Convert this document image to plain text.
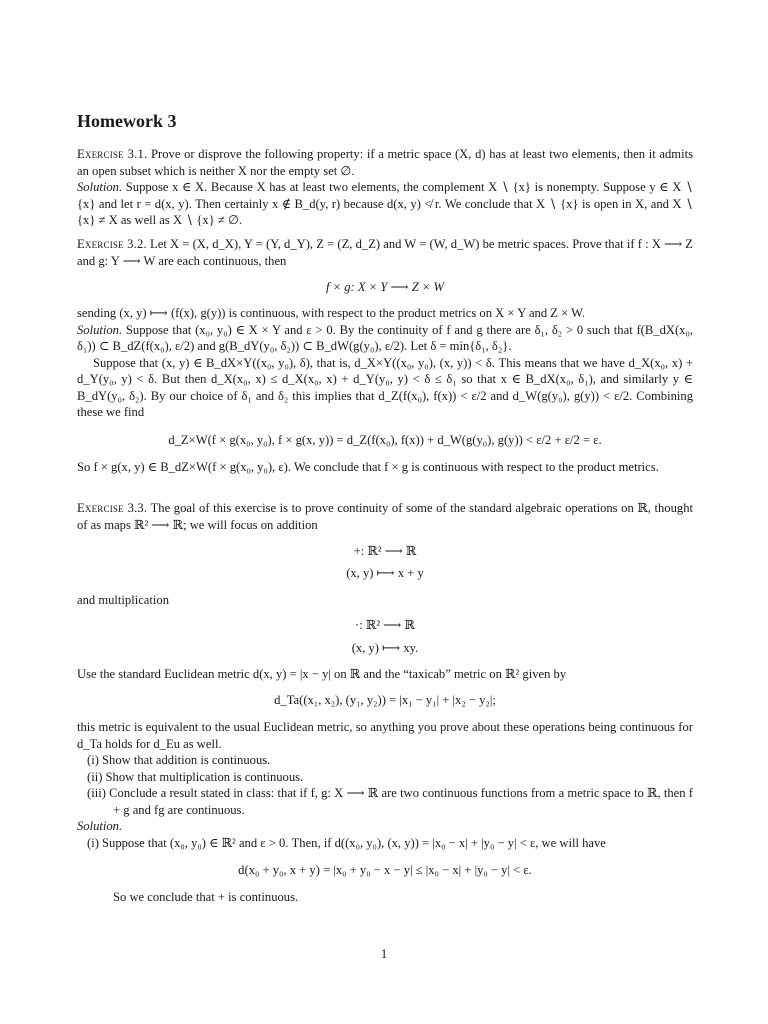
Homework 3
Exercise 3.1. Prove or disprove the following property: if a metric space (X, d) has at least two elements, then it admits an open subset which is neither X nor the empty set ∅.
Solution. Suppose x ∈ X. Because X has at least two elements, the complement X ∖ {x} is nonempty. Suppose y ∈ X ∖ {x} and let r = d(x, y). Then certainly x ∉ B_d(y, r) because d(x, y) ≮ r. We conclude that X ∖ {x} is open in X, and X ∖ {x} ≠ X as well as X ∖ {x} ≠ ∅.
Exercise 3.2. Let X = (X, d_X), Y = (Y, d_Y), Z = (Z, d_Z) and W = (W, d_W) be metric spaces. Prove that if f : X ⟶ Z and g: Y ⟶ W are each continuous, then
f × g: X × Y ⟶ Z × W
sending (x, y) ⟼ (f(x), g(y)) is continuous, with respect to the product metrics on X × Y and Z × W.
Solution. Suppose that (x₀, y₀) ∈ X × Y and ε > 0. By the continuity of f and g there are δ₁, δ₂ > 0 such that f(B_dX(x₀, δ₁)) ⊂ B_dZ(f(x₀), ε/2) and g(B_dY(y₀, δ₂)) ⊂ B_dW(g(y₀), ε/2). Let δ = min{δ₁, δ₂}.
Suppose that (x, y) ∈ B_dX×Y((x₀, y₀), δ), that is, d_X×Y((x₀, y₀), (x, y)) < δ. This means that we have d_X(x₀, x) + d_Y(y₀, y) < δ. But then d_X(x₀, x) ≤ d_X(x₀, x) + d_Y(y₀, y) < δ ≤ δ₁ so that x ∈ B_dX(x₀, δ₁), and similarly y ∈ B_dY(y₀, δ₂). By our choice of δ₁ and δ₂ this implies that d_Z(f(x₀), f(x)) < ε/2 and d_W(g(y₀), g(y)) < ε/2. Combining these we find
d_Z×W(f × g(x₀, y₀), f × g(x, y)) = d_Z(f(x₀), f(x)) + d_W(g(y₀), g(y)) < ε/2 + ε/2 = ε.
So f × g(x, y) ∈ B_dZ×W(f × g(x₀, y₀), ε). We conclude that f × g is continuous with respect to the product metrics.
Exercise 3.3. The goal of this exercise is to prove continuity of some of the standard algebraic operations on ℝ, thought of as maps ℝ² ⟶ ℝ; we will focus on addition
+: ℝ² ⟶ ℝ
(x, y) ⟼ x + y
and multiplication
·: ℝ² ⟶ ℝ
(x, y) ⟼ xy.
Use the standard Euclidean metric d(x, y) = |x − y| on ℝ and the “taxicab” metric on ℝ² given by
d_Ta((x₁, x₂), (y₁, y₂)) = |x₁ − y₁| + |x₂ − y₂|;
this metric is equivalent to the usual Euclidean metric, so anything you prove about these operations being continuous for d_Ta holds for d_Eu as well.
(i) Show that addition is continuous.
(ii) Show that multiplication is continuous.
(iii) Conclude a result stated in class: that if f, g: X ⟶ ℝ are two continuous functions from a metric space to ℝ, then f + g and fg are continuous.
Solution.
(i) Suppose that (x₀, y₀) ∈ ℝ² and ε > 0. Then, if d((x₀, y₀), (x, y)) = |x₀ − x| + |y₀ − y| < ε, we will have
d(x₀ + y₀, x + y) = |x₀ + y₀ − x − y| ≤ |x₀ − x| + |y₀ − y| < ε.
So we conclude that + is continuous.
1
